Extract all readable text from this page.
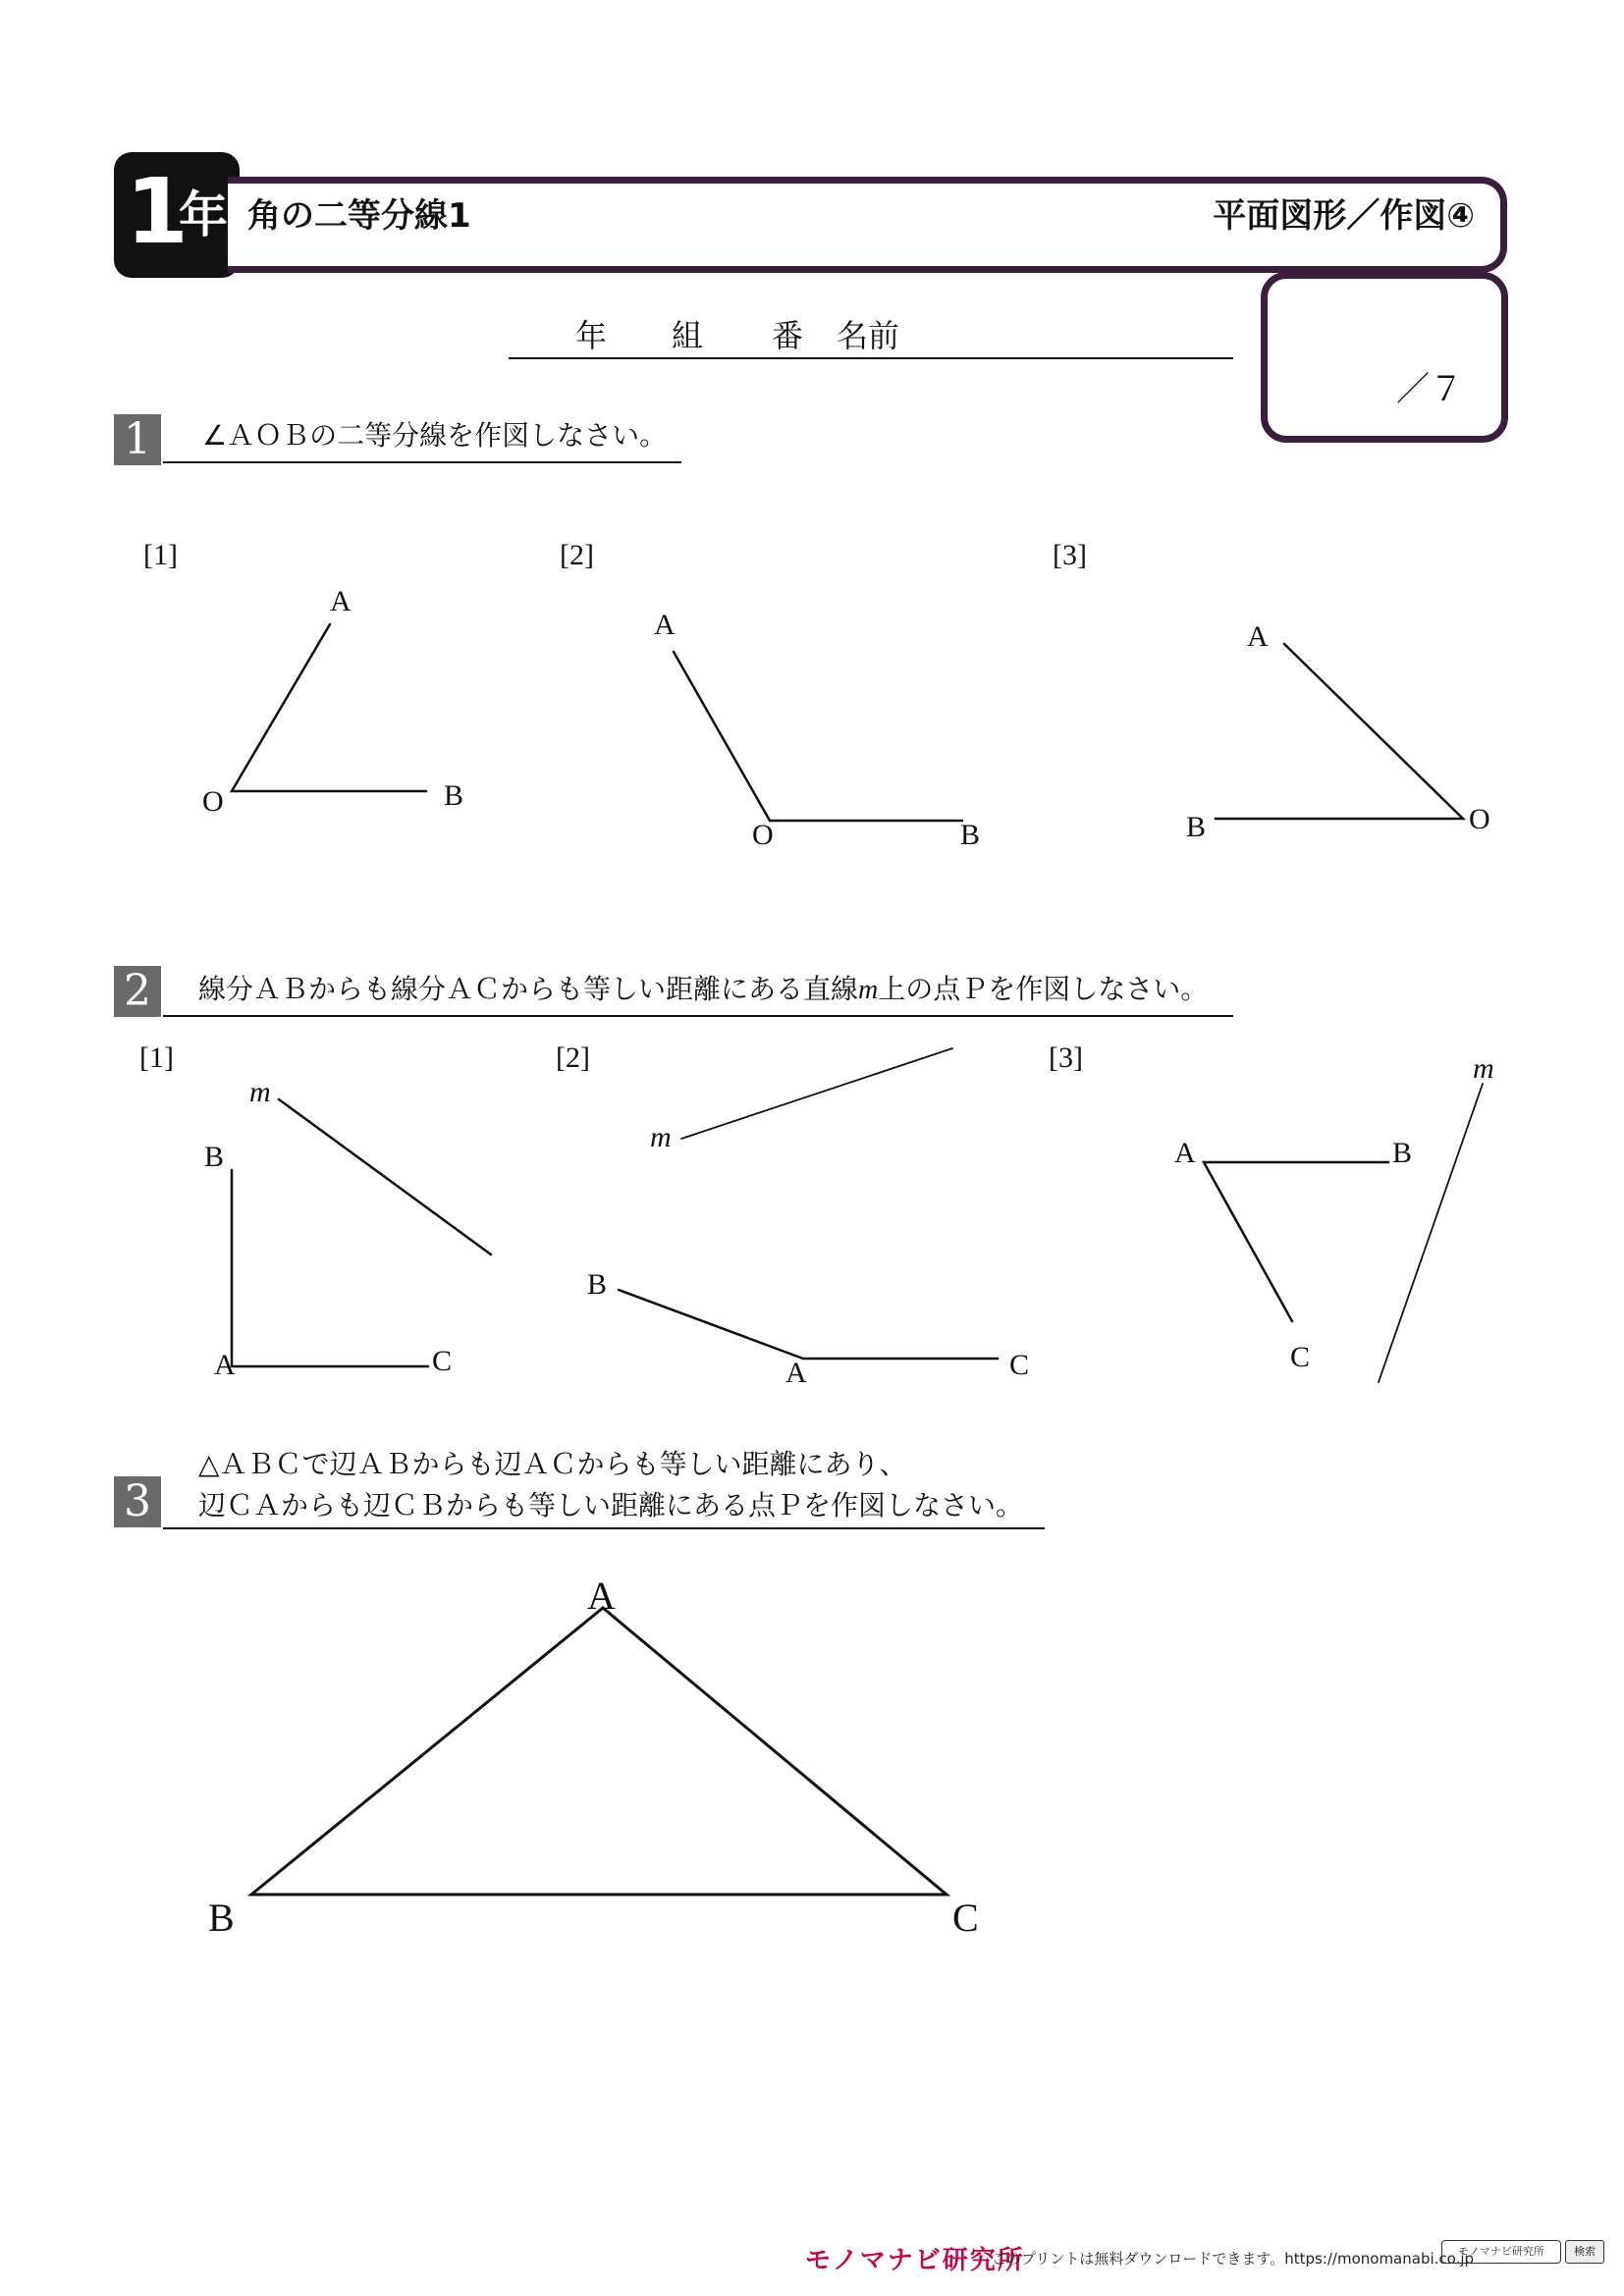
1
年 角の二等分線1	平面図形／作図④
年 組 番 名前
／７
1	∠ＡＯＢの二等分線を作図しなさい。
[1]	[2]	[3]
A
O	B
A
O	B
A
B	O
2	線分ＡＢからも線分ＡＣからも等しい距離にある直線m上の点Ｐを作図しなさい。
[1]	[2]	[3]
m
B
A	C
m
B
A	C
m
A	B
C
3
△ＡＢＣで辺ＡＢからも辺ＡＣからも等しい距離にあり、
辺ＣＡからも辺ＣＢからも等しい距離にある点Ｐを作図しなさい。
A
B	C
モノマナビ研究所
このプリントは無料ダウンロードできます。https://monomanabi.co.jp
モノマナビ研究所	検索
